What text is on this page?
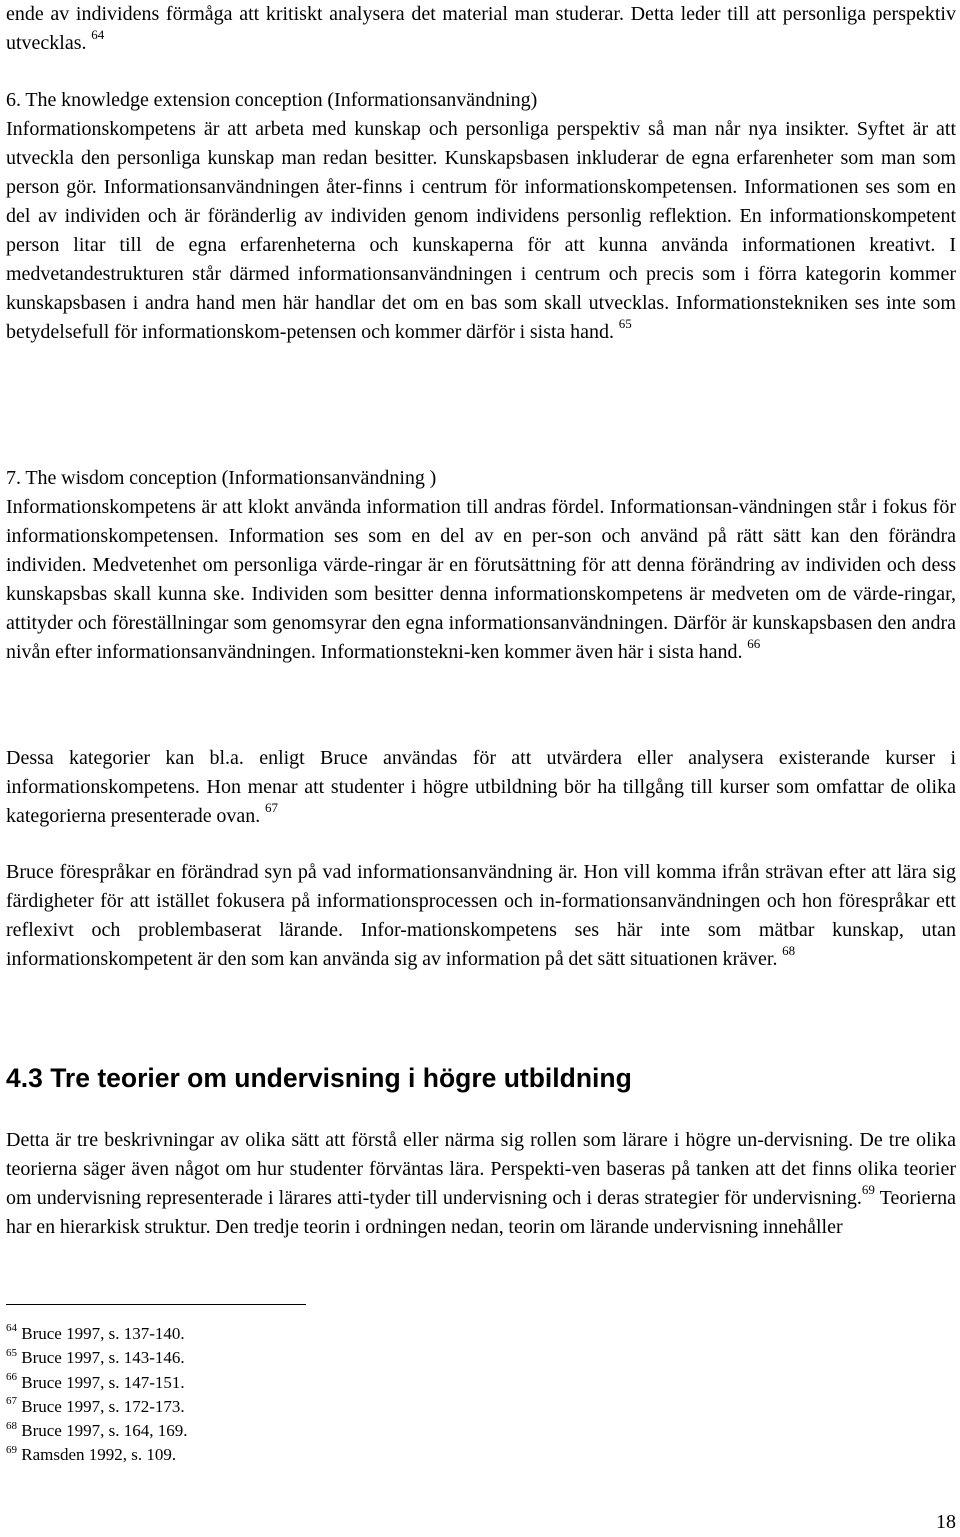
ende av individens förmåga att kritiskt analysera det material man studerar. Detta leder till att personliga perspektiv utvecklas. $^{64}$
6. The knowledge extension conception (Informationsanvändning)
Informationskompetens är att arbeta med kunskap och personliga perspektiv så man når nya insikter. Syftet är att utveckla den personliga kunskap man redan besitter. Kunskapsbasen inkluderar de egna erfarenheter som man som person gör. Informationsanvändningen åter-finns i centrum för informationskompetensen. Informationen ses som en del av individen och är föränderlig av individen genom individens personlig reflektion. En informationskompetent person litar till de egna erfarenheterna och kunskaperna för att kunna använda informationen kreativt. I medvetandestrukturen står därmed informationsanvändningen i centrum och precis som i förra kategorin kommer kunskapsbasen i andra hand men här handlar det om en bas som skall utvecklas. Informationstekniken ses inte som betydelsefull för informationskom-petensen och kommer därför i sista hand. $^{65}$
7. The wisdom conception (Informationsanvändning )
Informationskompetens är att klokt använda information till andras fördel. Informationsan-vändningen står i fokus för informationskompetensen. Information ses som en del av en per-son och använd på rätt sätt kan den förändra individen. Medvetenhet om personliga värde-ringar är en förutsättning för att denna förändring av individen och dess kunskapsbas skall kunna ske. Individen som besitter denna informationskompetens är medveten om de värde-ringar, attityder och föreställningar som genomsyrar den egna informationsanvändningen. Därför är kunskapsbasen den andra nivån efter informationsanvändningen. Informationstekni-ken kommer även här i sista hand. $^{66}$
Dessa kategorier kan bl.a. enligt Bruce användas för att utvärdera eller analysera existerande kurser i informationskompetens. Hon menar att studenter i högre utbildning bör ha tillgång till kurser som omfattar de olika kategorierna presenterade ovan. $^{67}$
Bruce förespråkar en förändrad syn på vad informationsanvändning är. Hon vill komma ifrån strävan efter att lära sig färdigheter för att istället fokusera på informationsprocessen och in-formationsanvändningen och hon förespråkar ett reflexivt och problembaserat lärande. Infor-mationskompetens ses här inte som mätbar kunskap, utan informationskompetent är den som kan använda sig av information på det sätt situationen kräver. $^{68}$
4.3 Tre teorier om undervisning i högre utbildning
Detta är tre beskrivningar av olika sätt att förstå eller närma sig rollen som lärare i högre un-dervisning. De tre olika teorierna säger även något om hur studenter förväntas lära. Perspekti-ven baseras på tanken att det finns olika teorier om undervisning representerade i lärares atti-tyder till undervisning och i deras strategier för undervisning.$^{69}$ Teorierna har en hierarkisk struktur. Den tredje teorin i ordningen nedan, teorin om lärande undervisning innehåller
$^{64}$ Bruce 1997, s. 137-140.
$^{65}$ Bruce 1997, s. 143-146.
$^{66}$ Bruce 1997, s. 147-151.
$^{67}$ Bruce 1997, s. 172-173.
$^{68}$ Bruce 1997, s. 164, 169.
$^{69}$ Ramsden 1992, s. 109.
18
